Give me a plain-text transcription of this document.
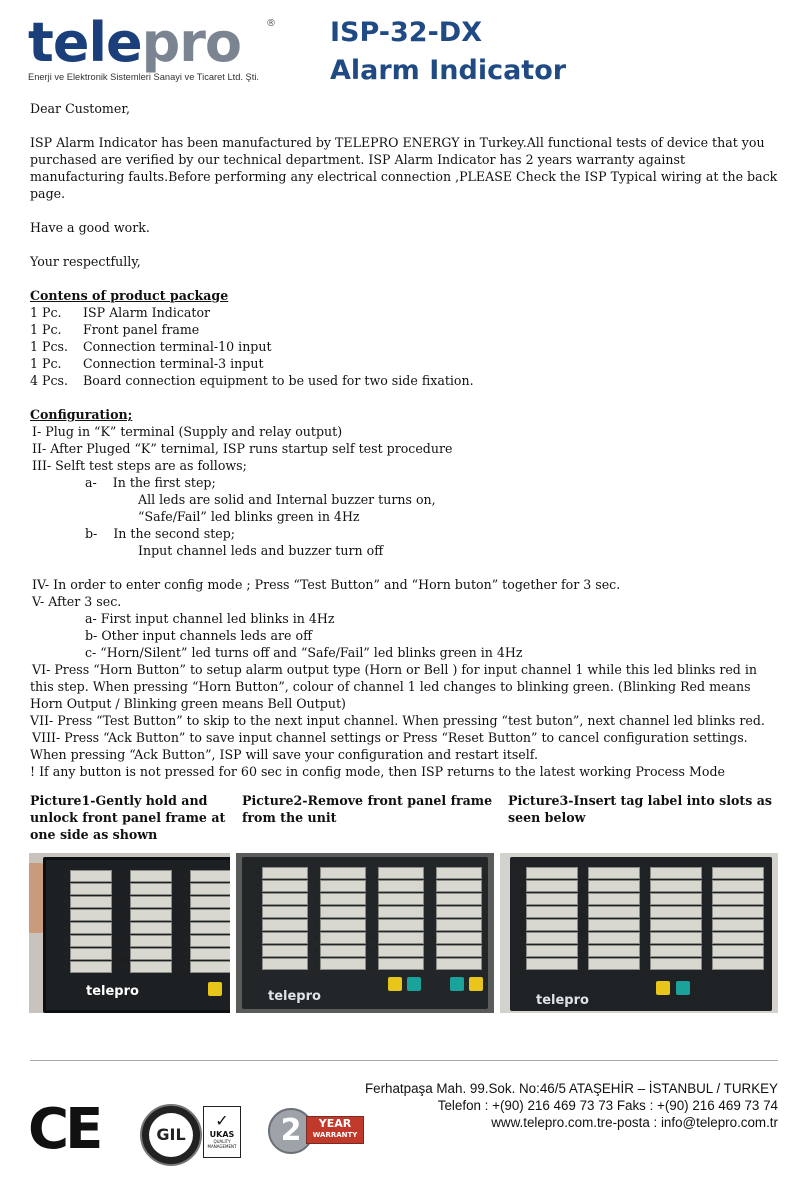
telepro	®
Enerji ve Elektronik Sistemleri Sanayi ve Ticaret Ltd. Şti.
ISP-32-DX
Alarm Indicator

Dear Customer,

ISP Alarm Indicator has been manufactured by TELEPRO ENERGY in Turkey.All functional tests of device that you purchased are verified by our technical department. ISP Alarm Indicator has 2 years warranty against manufacturing faults.Before performing any electrical connection ,PLEASE Check the ISP Typical wiring at the back page.

Have a good work.

Your respectfully,

Contens of product package

1 Pc.	ISP Alarm Indicator
1 Pc.	Front panel frame
1 Pcs.	Connection terminal-10 input
1 Pc.	Connection terminal-3 input
4 Pcs.	Board connection equipment to be used for two side fixation.

Configuration;

I- Plug in “K” terminal (Supply and relay output)

II- After Pluged “K” ternimal, ISP runs startup self test procedure

III- Selft test steps are as follows;

a-    In the first step;

All leds are solid and Internal buzzer turns on,

“Safe/Fail” led blinks green in 4Hz

b-    In the second step;

Input channel leds and buzzer turn off

IV- In order to enter config mode ; Press “Test Button” and “Horn buton” together for 3 sec.

V- After 3 sec.

a- First input channel led blinks in 4Hz

b- Other input channels leds are off

c- “Horn/Silent” led turns off and “Safe/Fail” led blinks green in 4Hz

VI- Press “Horn Button” to setup alarm output type (Horn or Bell ) for input channel 1 while this led blinks red in this step. When pressing “Horn Button”, colour of channel 1 led changes to blinking green. (Blinking Red means Horn Output / Blinking green means Bell Output)

VII- Press “Test Button” to skip to the next input channel. When pressing “test buton”, next channel led blinks red.

VIII- Press “Ack Button” to save input channel settings or Press “Reset Button” to cancel configuration settings. When pressing “Ack Button”, ISP will save your configuration and restart itself.

! If any button is not pressed for 60 sec in config mode, then ISP returns to the latest working Process Mode

Picture1-Gently hold and unlock front panel frame at one side as shown
Picture2-Remove front panel frame from the unit
Picture3-Insert tag label into slots as seen below
telepro	telepro	telepro
Ferhatpaşa Mah. 99.Sok. No:46/5 ATAŞEHİR – İSTANBUL / TURKEY
Telefon : +(90) 216 469 73 73 Faks : +(90) 216 469 73 74
www.telepro.com.tre-posta : info@telepro.com.tr
CE	GIL
✓
UKAS
QUALITY MANAGEMENT	2	YEAR
WARRANTY
